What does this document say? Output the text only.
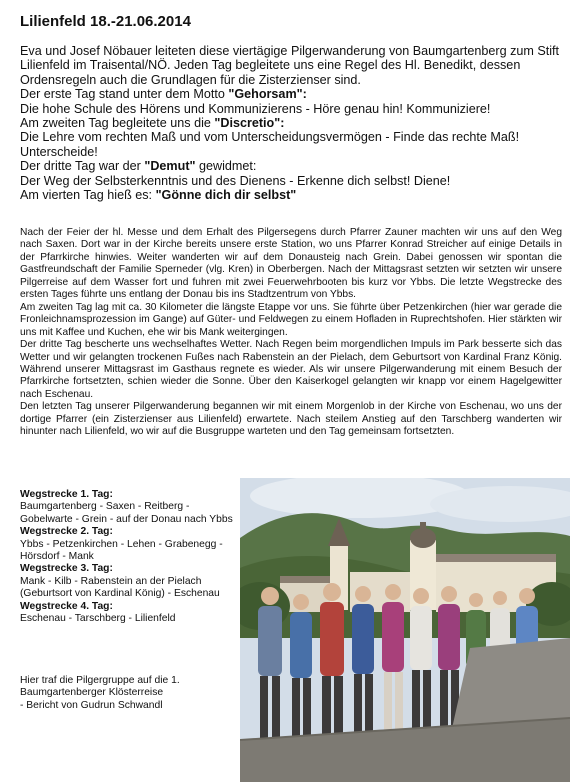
Lilienfeld 18.-21.06.2014

Eva und Josef Nöbauer leiteten diese viertägige Pilgerwanderung von Baumgartenberg zum Stift Lilienfeld im Traisental/NÖ. Jeden Tag begleitete uns eine Regel des Hl. Benedikt, dessen Ordensregeln auch die Grundlagen für die Zisterzienser sind.

Der erste Tag stand unter dem Motto "Gehorsam":

Die hohe Schule des Hörens und Kommunizierens - Höre genau hin! Kommuniziere!

Am zweiten Tag begleitete uns die "Discretio":

Die Lehre vom rechten Maß und vom Unterscheidungsvermögen - Finde das rechte Maß! Unterscheide!

Der dritte Tag war der "Demut" gewidmet:

Der Weg der Selbsterkenntnis und des Dienens - Erkenne dich selbst! Diene!

Am vierten Tag hieß es: "Gönne dich dir selbst"

Nach der Feier der hl. Messe und dem Erhalt des Pilgersegens durch Pfarrer Zauner machten wir uns auf den Weg nach Saxen. Dort war in der Kirche bereits unsere erste Station, wo uns Pfarrer Konrad Streicher auf einige Details in der Pfarrkirche hinwies. Weiter wanderten wir auf dem Donausteig nach Grein. Dabei genossen wir spontan die Gastfreundschaft der Familie Sperneder (vlg. Kren) in Oberbergen. Nach der Mittagsrast setzten wir setzten wir unsere Pilgerreise auf dem Wasser fort und fuhren mit zwei Feuerwehrbooten bis kurz vor Ybbs. Die letzte Wegstrecke des ersten Tages führte uns entlang der Donau bis ins Stadtzentrum von Ybbs.

Am zweiten Tag lag mit ca. 30 Kilometer die längste Etappe vor uns. Sie führte über Petzenkirchen (hier war gerade die Fronleichnamsprozession im Gange) auf Güter- und Feldwegen zu einem Hofladen in Ruprechtshofen. Hier stärkten wir uns mit Kaffee und Kuchen, ehe wir bis Mank weitergingen.

Der dritte Tag bescherte uns wechselhaftes Wetter. Nach Regen beim morgendlichen Impuls im Park besserte sich das Wetter und wir gelangten trockenen Fußes nach Rabenstein an der Pielach, dem Geburtsort von Kardinal Franz König. Während unserer Mittagsrast im Gasthaus regnete es wieder. Als wir unsere Pilgerwanderung mit einem Besuch der Pfarrkirche fortsetzten, schien wieder die Sonne. Über den Kaiserkogel gelangten wir knapp vor einem Hagelgewitter nach Eschenau.

Den letzten Tag unserer Pilgerwanderung begannen wir mit einem Morgenlob in der Kirche von Eschenau, wo uns der dortige Pfarrer (ein Zisterzienser aus Lilienfeld) erwartete. Nach steilem Anstieg auf den Tarschberg wanderten wir hinunter nach Lilienfeld, wo wir auf die Busgruppe warteten und den Tag gemeinsam fortsetzten.

Wegstrecke 1. Tag:
Baumgartenberg - Saxen - Reitberg - Gobelwarte - Grein - auf der Donau nach Ybbs
Wegstrecke 2. Tag:
Ybbs - Petzenkirchen - Lehen - Grabenegg - Hörsdorf - Mank
Wegstrecke 3. Tag:
Mank - Kilb - Rabenstein an der Pielach (Geburtsort von Kardinal König) - Eschenau
Wegstrecke 4. Tag:
Eschenau - Tarschberg - Lilienfeld

Hier traf die Pilgergruppe auf die 1. Baumgartenberger Klösterreise

- Bericht von Gudrun Schwandl
